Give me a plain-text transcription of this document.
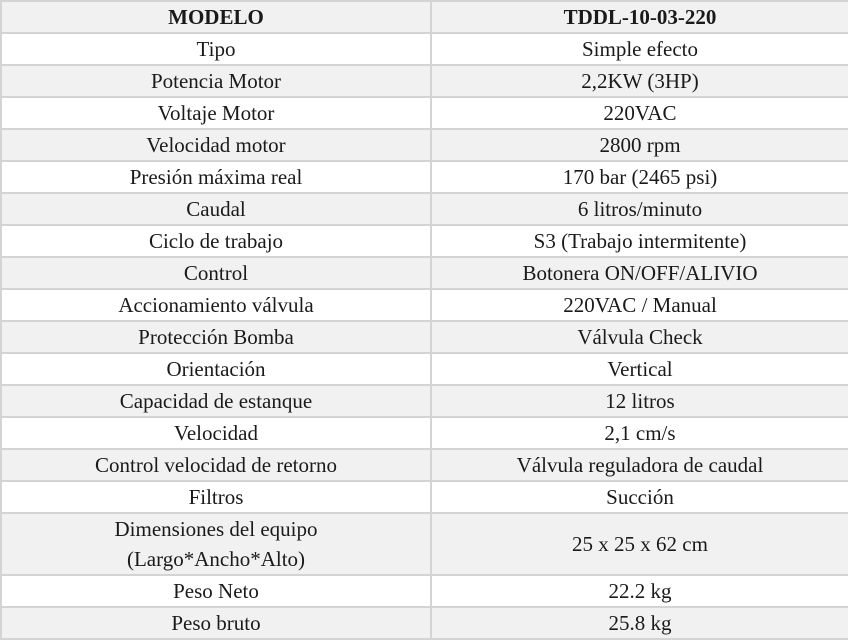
MODELO	TDDL-10-03-220
Tipo	Simple efecto
Potencia Motor	2,2KW (3HP)
Voltaje Motor	220VAC
Velocidad motor	2800 rpm
Presión máxima real	170 bar (2465 psi)
Caudal	6 litros/minuto
Ciclo de trabajo	S3 (Trabajo intermitente)
Control	Botonera ON/OFF/ALIVIO
Accionamiento válvula	220VAC / Manual
Protección Bomba	Válvula Check
Orientación	Vertical
Capacidad de estanque	12 litros
Velocidad	2,1 cm/s
Control velocidad de retorno	Válvula reguladora de caudal
Filtros	Succión

Dimensiones del equipo
(Largo*Ancho*Alto)	25 x 25 x 62 cm
Peso Neto	22.2 kg
Peso bruto	25.8 kg
